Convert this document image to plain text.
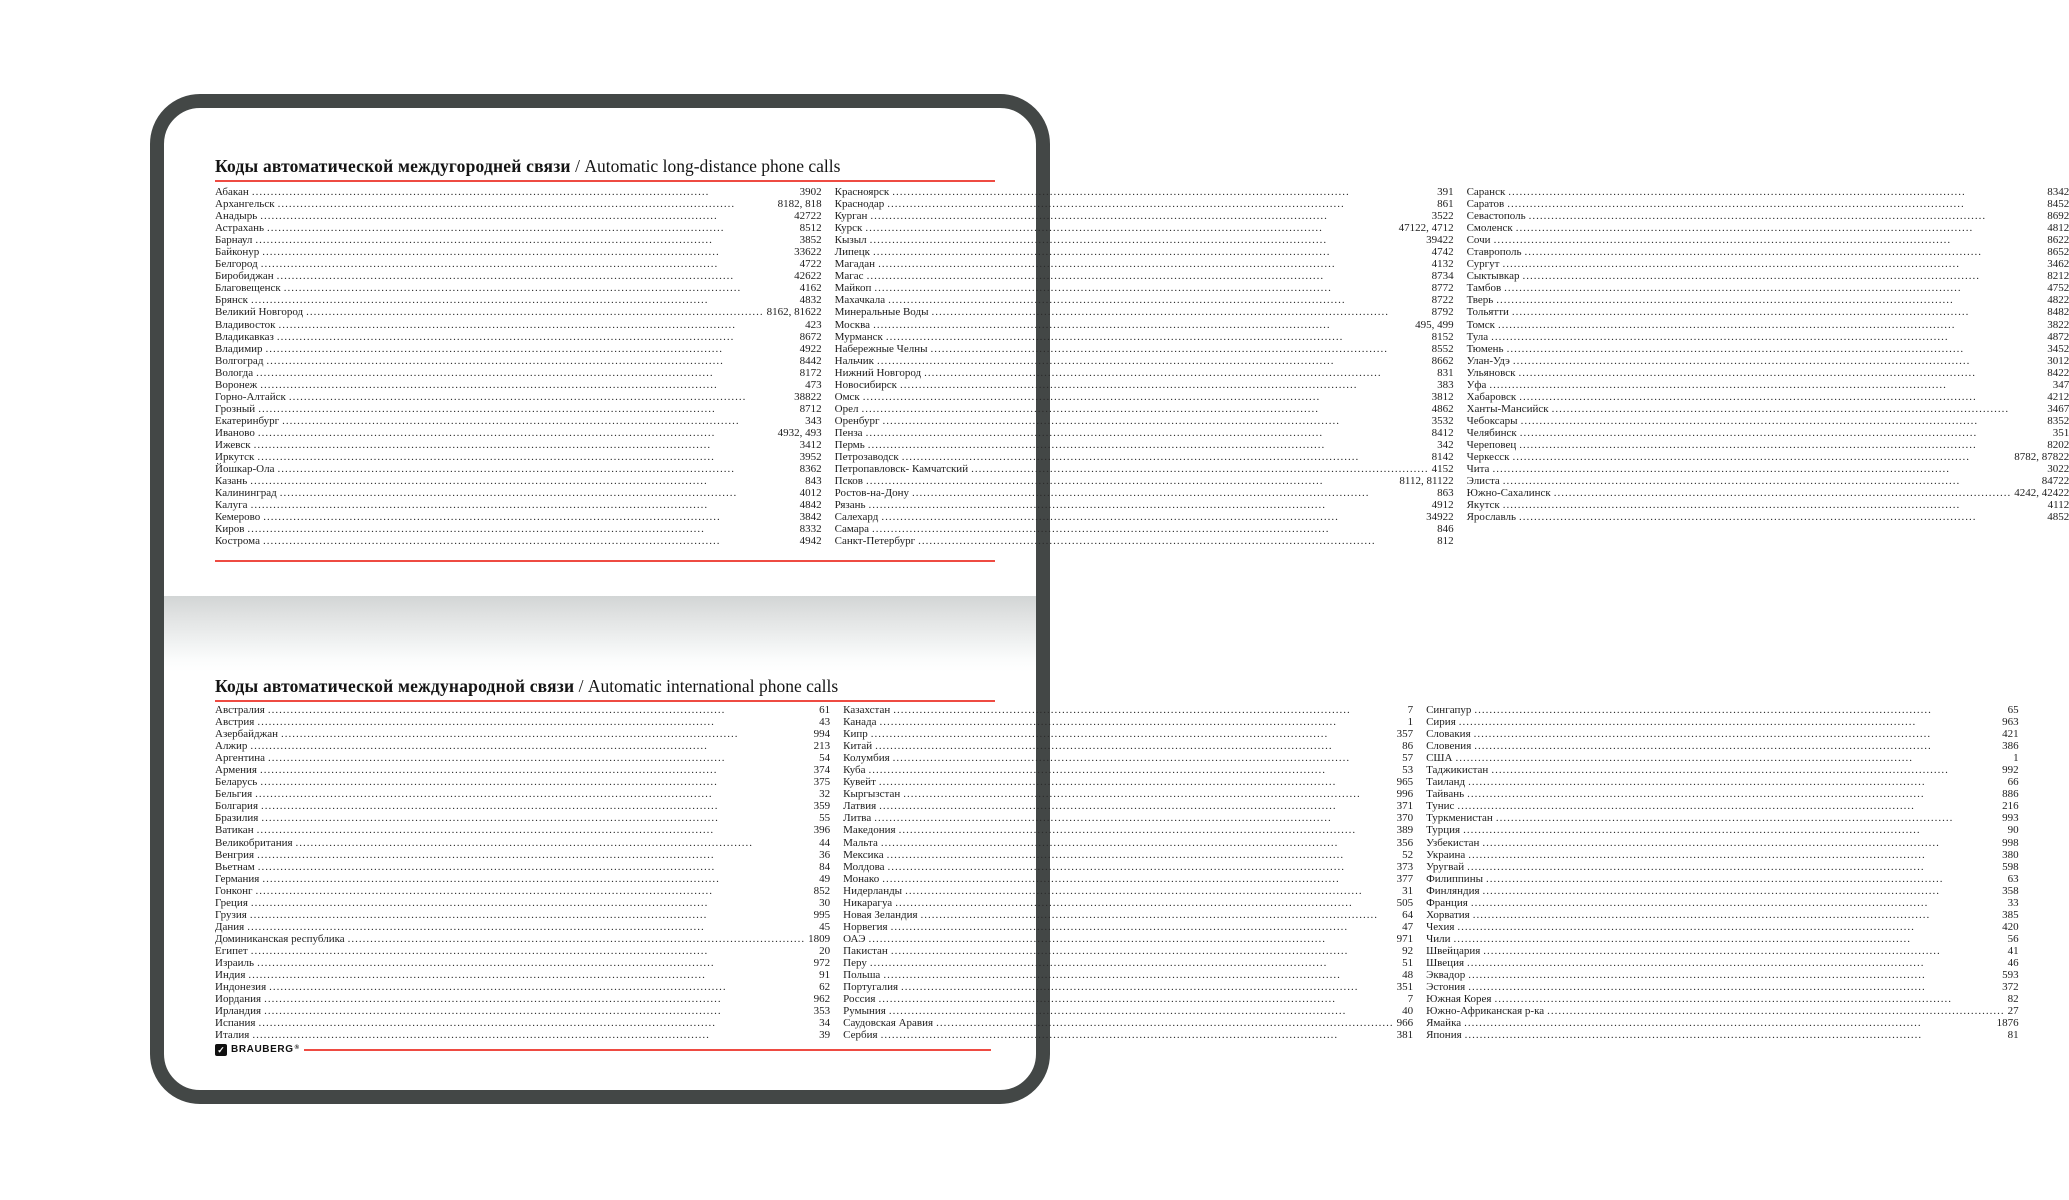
Коды автоматической междугородней связи / Automatic long-distance phone calls
Абакан .....	3902
Архангельск .....	8182, 818
Анадырь .....	42722
Астрахань .....	8512
Барнаул .....	3852
Байконур .....	33622
Белгород .....	4722
Биробиджан .....	42622
Благовещенск .....	4162
Брянск .....	4832
Великий Новгород .....	8162, 81622
Владивосток .....	423
Владикавказ .....	8672
Владимир .....	4922
Волгоград .....	8442
Вологда .....	8172
Воронеж .....	473
Горно-Алтайск .....	38822
Грозный .....	8712
Екатеринбург .....	343
Иваново .....	4932, 493
Ижевск .....	3412
Иркутск .....	3952
Йошкар-Ола .....	8362
Казань .....	843
Калининград .....	4012
Калуга .....	4842
Кемерово .....	3842
Киров .....	8332
Кострома .....	4942
Красноярск .....	391
Краснодар .....	861
Курган .....	3522
Курск .....	47122, 4712
Кызыл .....	39422
Липецк .....	4742
Магадан .....	4132
Магас .....	8734
Майкоп .....	8772
Махачкала .....	8722
Минеральные Воды .....	8792
Москва .....	495, 499
Мурманск .....	8152
Набережные Челны .....	8552
Нальчик .....	8662
Нижний Новгород .....	831
Новосибирск .....	383
Омск .....	3812
Орел .....	4862
Оренбург .....	3532
Пенза .....	8412
Пермь .....	342
Петрозаводск .....	8142
Петропавловск- Камчатский .....	4152
Псков .....	8112, 81122
Ростов-на-Дону .....	863
Рязань .....	4912
Салехард .....	34922
Самара .....	846
Санкт-Петербург .....	812
Саранск .....	8342
Саратов .....	8452
Севастополь .....	8692
Смоленск .....	4812
Сочи .....	8622
Ставрополь .....	8652
Сургут .....	3462
Сыктывкар .....	8212
Тамбов .....	4752
Тверь .....	4822
Тольятти .....	8482
Томск .....	3822
Тула .....	4872
Тюмень .....	3452
Улан-Удэ .....	3012
Ульяновск .....	8422
Уфа .....	347
Хабаровск .....	4212
Ханты-Мансийск .....	3467
Чебоксары .....	8352
Челябинск .....	351
Череповец .....	8202
Черкесск .....	8782, 87822
Чита .....	3022
Элиста .....	84722
Южно-Сахалинск .....	4242, 42422
Якутск .....	4112
Ярославль .....	4852
Коды автоматической международной связи / Automatic international phone calls
Австралия .....	61
Австрия .....	43
Азербайджан .....	994
Алжир .....	213
Аргентина .....	54
Армения .....	374
Беларусь .....	375
Бельгия .....	32
Болгария .....	359
Бразилия .....	55
Ватикан .....	396
Великобритания .....	44
Венгрия .....	36
Вьетнам .....	84
Германия .....	49
Гонконг .....	852
Греция .....	30
Грузия .....	995
Дания .....	45
Доминиканская республика .....	1809
Египет .....	20
Израиль .....	972
Индия .....	91
Индонезия .....	62
Иордания .....	962
Ирландия .....	353
Испания .....	34
Италия .....	39
Казахстан .....	7
Канада .....	1
Кипр .....	357
Китай .....	86
Колумбия .....	57
Куба .....	53
Кувейт .....	965
Кыргызстан .....	996
Латвия .....	371
Литва .....	370
Македония .....	389
Мальта .....	356
Мексика .....	52
Молдова .....	373
Монако .....	377
Нидерланды .....	31
Никарагуа .....	505
Новая Зеландия .....	64
Норвегия .....	47
ОАЭ .....	971
Пакистан .....	92
Перу .....	51
Польша .....	48
Португалия .....	351
Россия .....	7
Румыния .....	40
Саудовская Аравия .....	966
Сербия .....	381
Сингапур .....	65
Сирия .....	963
Словакия .....	421
Словения .....	386
США .....	1
Таджикистан .....	992
Таиланд .....	66
Тайвань .....	886
Тунис .....	216
Туркменистан .....	993
Турция .....	90
Узбекистан .....	998
Украина .....	380
Уругвай .....	598
Филиппины .....	63
Финляндия .....	358
Франция .....	33
Хорватия .....	385
Чехия .....	420
Чили .....	56
Швейцария .....	41
Швеция .....	46
Эквадор .....	593
Эстония .....	372
Южная Корея .....	82
Южно-Африканская р-ка .....	27
Ямайка .....	1876
Япония .....	81
✓ BRAUBERG ®
